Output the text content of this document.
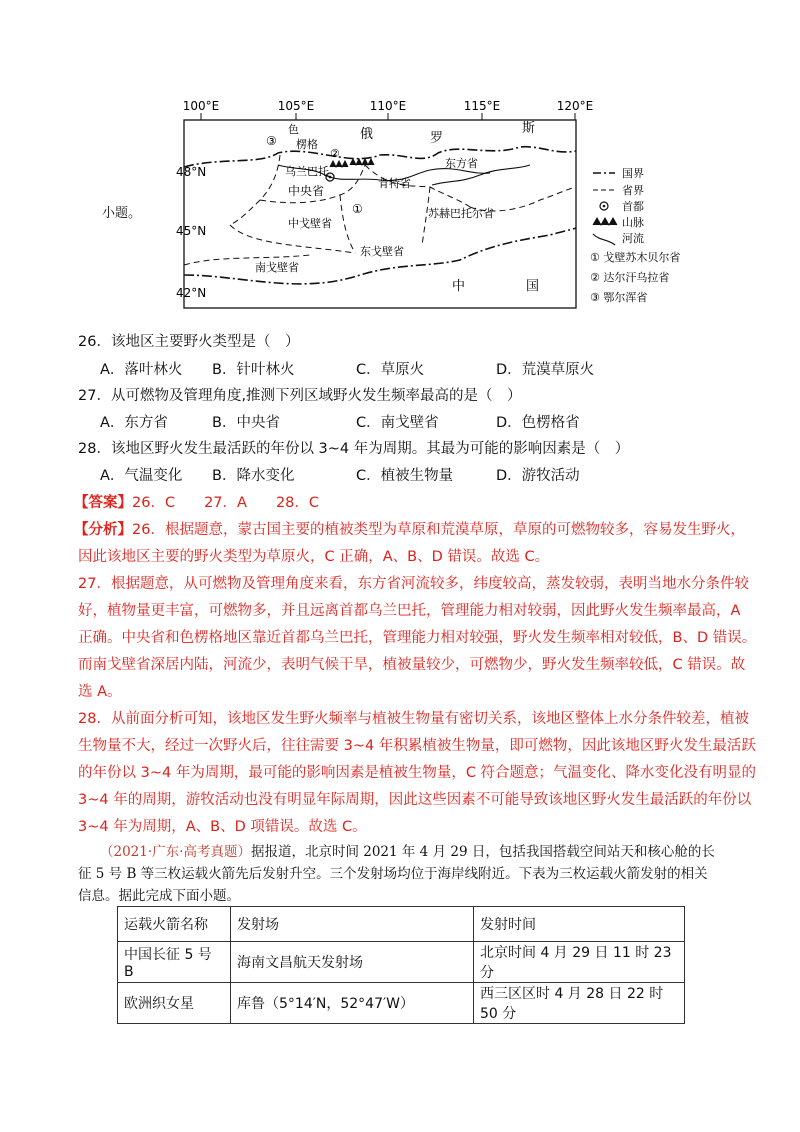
100°E	105°E	110°E	115°E	120°E
48°N
45°N
42°N
俄	罗
斯
中	国
色
楞格
乌兰巴托
肯特省
东方省
中央省
中戈壁省
苏赫巴托尔省
东戈壁省
南戈壁省
①
②
③
国界
省界
首都
山脉
河流
① 戈壁苏木贝尔省
② 达尔汗乌拉省
③ 鄂尔浑省
小题。
26．该地区主要野火类型是（　）
A．落叶林火 B．针叶林火	C．草原火	D．荒漠草原火
27．从可燃物及管理角度,推测下列区域野火发生频率最高的是（　）
A．东方省	B．中央省	C．南戈壁省	D．色楞格省
28．该地区野火发生最活跃的年份以 3~4 年为周期。其最为可能的影响因素是（　）
A．气温变化 B．降水变化	C．植被生物量	D．游牧活动
【答案】26．C　　27．A　　28．C
【分析】26．根据题意，蒙古国主要的植被类型为草原和荒漠草原，草原的可燃物较多，容易发生野火，
因此该地区主要的野火类型为草原火，C 正确，A、B、D 错误。故选 C。
27．根据题意，从可燃物及管理角度来看，东方省河流较多，纬度较高，蒸发较弱，表明当地水分条件较
好，植物量更丰富，可燃物多，并且远离首都乌兰巴托，管理能力相对较弱，因此野火发生频率最高，A
正确。中央省和色楞格地区靠近首都乌兰巴托，管理能力相对较强，野火发生频率相对较低，B、D 错误。
而南戈壁省深居内陆，河流少，表明气候干旱，植被量较少，可燃物少，野火发生频率较低，C 错误。故
选 A。
28．从前面分析可知，该地区发生野火频率与植被生物量有密切关系，该地区整体上水分条件较差，植被
生物量不大，经过一次野火后，往往需要 3~4 年积累植被生物量，即可燃物，因此该地区野火发生最活跃
的年份以 3~4 年为周期，最可能的影响因素是植被生物量，C 符合题意；气温变化、降水变化没有明显的
3~4 年的周期，游牧活动也没有明显年际周期，因此这些因素不可能导致该地区野火发生最活跃的年份以
3~4 年为周期，A、B、D 项错误。故选 C。
（2021·广东·高考真题）据报道，北京时间 2021 年 4 月 29 日，包括我国搭载空间站天和核心舱的长
征 5 号 B 等三枚运载火箭先后发射升空。三个发射场均位于海岸线附近。下表为三枚运载火箭发射的相关
信息。据此完成下面小题。
运载火箭名称	发射场	发射时间
中国长征 5 号 B	海南文昌航天发射场	北京时间 4 月 29 日 11 时 23 分
欧洲织女星	库鲁（5°14′N，52°47′W）	西三区区时 4 月 28 日 22 时 50 分
